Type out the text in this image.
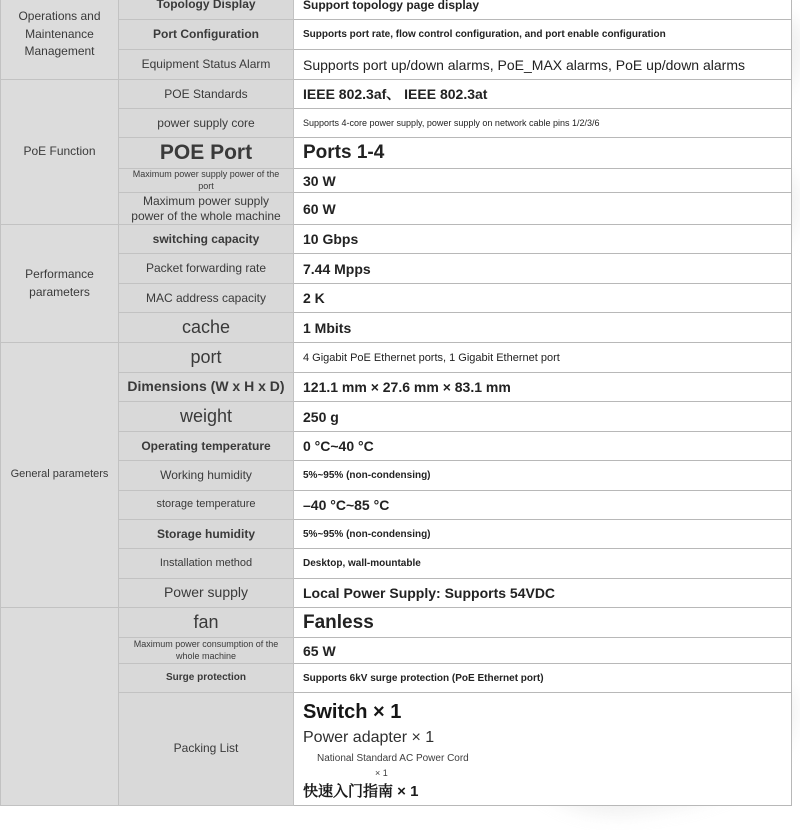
Operations and Maintenance Management	Topology Display	Support topology page display
	Port Configuration	Supports port rate, flow control configuration, and port enable configuration
	Equipment Status Alarm	Supports port up/down alarms, PoE_MAX alarms, PoE up/down alarms
PoE Function	POE Standards	IEEE 802.3af、 IEEE 802.3at
	power supply core	Supports 4-core power supply, power supply on network cable pins 1/2/3/6
	POE Port	Ports 1-4
	Maximum power supply power of the port	30 W
	Maximum power supply power of the whole machine	60 W
Performance parameters	switching capacity	10 Gbps
	Packet forwarding rate	7.44 Mpps
	MAC address capacity	2 K
	cache	1 Mbits
General parameters	port	4 Gigabit PoE Ethernet ports, 1 Gigabit Ethernet port
	Dimensions (W x H x D)	121.1 mm × 27.6 mm × 83.1 mm
	weight	250 g
	Operating temperature	0 °C~40 °C
	Working humidity	5%~95% (non-condensing)
	storage temperature	–40 °C~85 °C
	Storage humidity	5%~95% (non-condensing)
	Installation method	Desktop, wall-mountable
	Power supply	Local Power Supply: Supports 54VDC
	fan	Fanless
	Maximum power consumption of the whole machine	65 W
	Surge protection	Supports 6kV surge protection (PoE Ethernet port)
	Packing List	Switch × 1
Power adapter × 1
National Standard AC Power Cord
× 1
快速入门指南 × 1
